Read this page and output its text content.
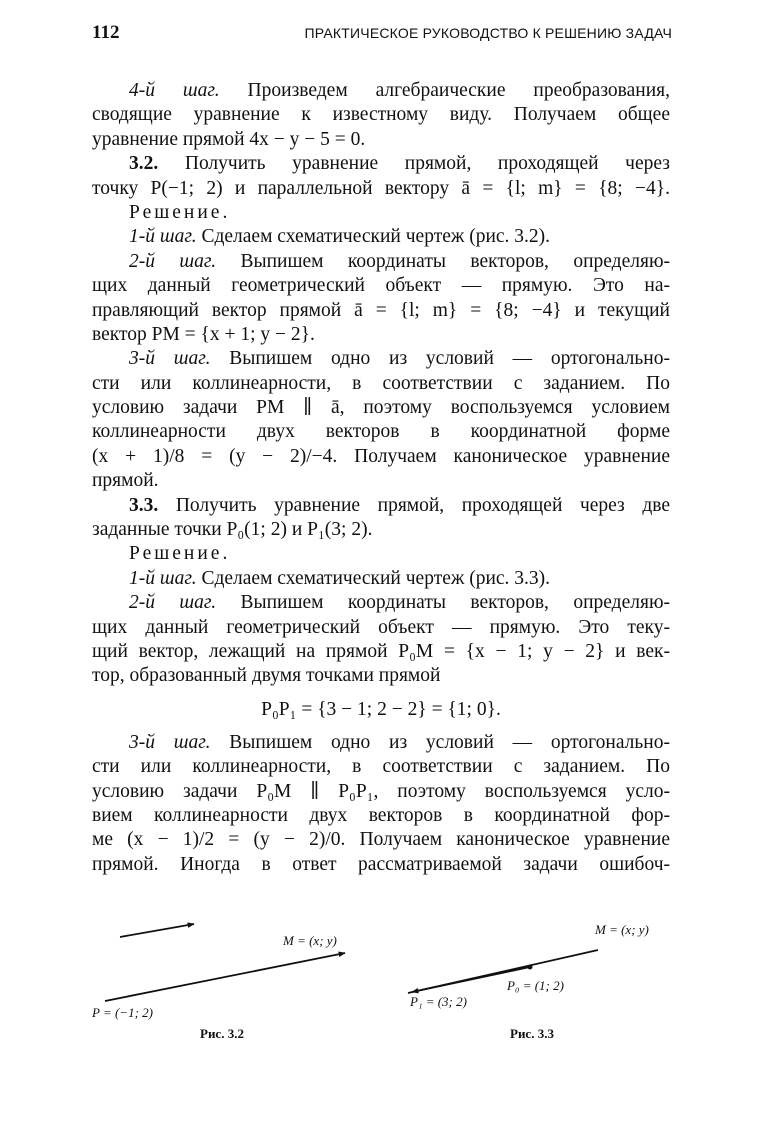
112	ПРАКТИЧЕСКОЕ РУКОВОДСТВО К РЕШЕНИЮ ЗАДАЧ
4-й шаг. Произведем алгебраические преобразования,
сводящие уравнение к известному виду. Получаем общее
уравнение прямой 4x − y − 5 = 0.
3.2. Получить уравнение прямой, проходящей через
точку P(−1; 2) и параллельной вектору ā = {l; m} = {8; −4}.
Решение.
1-й шаг. Сделаем схематический чертеж (рис. 3.2).
2-й шаг. Выпишем координаты векторов, определяю-
щих данный геометрический объект — прямую. Это на-
правляющий вектор прямой ā = {l; m} = {8; −4} и текущий
вектор PM = {x + 1; y − 2}.
3-й шаг. Выпишем одно из условий — ортогонально-
сти или коллинеарности, в соответствии с заданием. По
условию задачи PM ∥ ā, поэтому воспользуемся условием
коллинеарности двух векторов в координатной форме
(x + 1)/8 = (y − 2)/−4. Получаем каноническое уравнение
прямой.
3.3. Получить уравнение прямой, проходящей через две
заданные точки P₀(1; 2) и P₁(3; 2).
Решение.
1-й шаг. Сделаем схематический чертеж (рис. 3.3).
2-й шаг. Выпишем координаты векторов, определяю-
щих данный геометрический объект — прямую. Это теку-
щий вектор, лежащий на прямой P₀M = {x − 1; y − 2} и век-
тор, образованный двумя точками прямой
P₀P₁ = {3 − 1; 2 − 2} = {1; 0}.
3-й шаг. Выпишем одно из условий — ортогонально-
сти или коллинеарности, в соответствии с заданием. По
условию задачи P₀M ∥ P₀P₁, поэтому воспользуемся усло-
вием коллинеарности двух векторов в координатной фор-
ме (x − 1)/2 = (y − 2)/0. Получаем каноническое уравнение
прямой. Иногда в ответ рассматриваемой задачи ошибоч-
M = (x; y)
P = (−1; 2)
Рис. 3.2
M = (x; y)
P₀ = (1; 2)
P₁ = (3; 2)
Рис. 3.3
